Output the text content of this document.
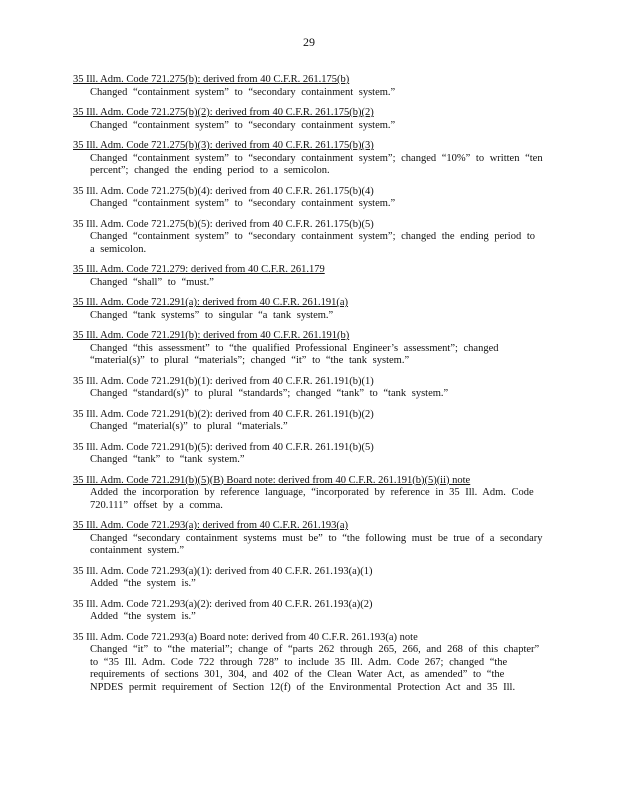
29
35 Ill. Adm. Code 721.275(b): derived from 40 C.F.R. 261.175(b)
Changed “containment system” to “secondary containment system.”
35 Ill. Adm. Code 721.275(b)(2): derived from 40 C.F.R. 261.175(b)(2)
Changed “containment system” to “secondary containment system.”
35 Ill. Adm. Code 721.275(b)(3): derived from 40 C.F.R. 261.175(b)(3)
Changed “containment system” to “secondary containment system”; changed “10%” to written “ten percent”; changed the ending period to a semicolon.
35 Ill. Adm. Code 721.275(b)(4): derived from 40 C.F.R. 261.175(b)(4)
Changed “containment system” to “secondary containment system.”
35 Ill. Adm. Code 721.275(b)(5): derived from 40 C.F.R. 261.175(b)(5)
Changed “containment system” to “secondary containment system”; changed the ending period to a semicolon.
35 Ill. Adm. Code 721.279: derived from 40 C.F.R. 261.179
Changed “shall” to “must.”
35 Ill. Adm. Code 721.291(a): derived from 40 C.F.R. 261.191(a)
Changed “tank systems” to singular “a tank system.”
35 Ill. Adm. Code 721.291(b): derived from 40 C.F.R. 261.191(b)
Changed “this assessment” to “the qualified Professional Engineer’s assessment”; changed “material(s)” to plural “materials”; changed “it” to “the tank system.”
35 Ill. Adm. Code 721.291(b)(1): derived from 40 C.F.R. 261.191(b)(1)
Changed “standard(s)” to plural “standards”; changed “tank” to “tank system.”
35 Ill. Adm. Code 721.291(b)(2): derived from 40 C.F.R. 261.191(b)(2)
Changed “material(s)” to plural “materials.”
35 Ill. Adm. Code 721.291(b)(5): derived from 40 C.F.R. 261.191(b)(5)
Changed “tank” to “tank system.”
35 Ill. Adm. Code 721.291(b)(5)(B) Board note: derived from 40 C.F.R. 261.191(b)(5)(ii) note
Added the incorporation by reference language, “incorporated by reference in 35 Ill. Adm. Code 720.111” offset by a comma.
35 Ill. Adm. Code 721.293(a): derived from 40 C.F.R. 261.193(a)
Changed “secondary containment systems must be” to “the following must be true of a secondary containment system.”
35 Ill. Adm. Code 721.293(a)(1): derived from 40 C.F.R. 261.193(a)(1)
Added “the system is.”
35 Ill. Adm. Code 721.293(a)(2): derived from 40 C.F.R. 261.193(a)(2)
Added “the system is.”
35 Ill. Adm. Code 721.293(a) Board note: derived from 40 C.F.R. 261.193(a) note
Changed “it” to “the material”; change of “parts 262 through 265, 266, and 268 of this chapter” to “35 Ill. Adm. Code 722 through 728” to include 35 Ill. Adm. Code 267; changed “the requirements of sections 301, 304, and 402 of the Clean Water Act, as amended” to “the NPDES permit requirement of Section 12(f) of the Environmental Protection Act and 35 Ill.
